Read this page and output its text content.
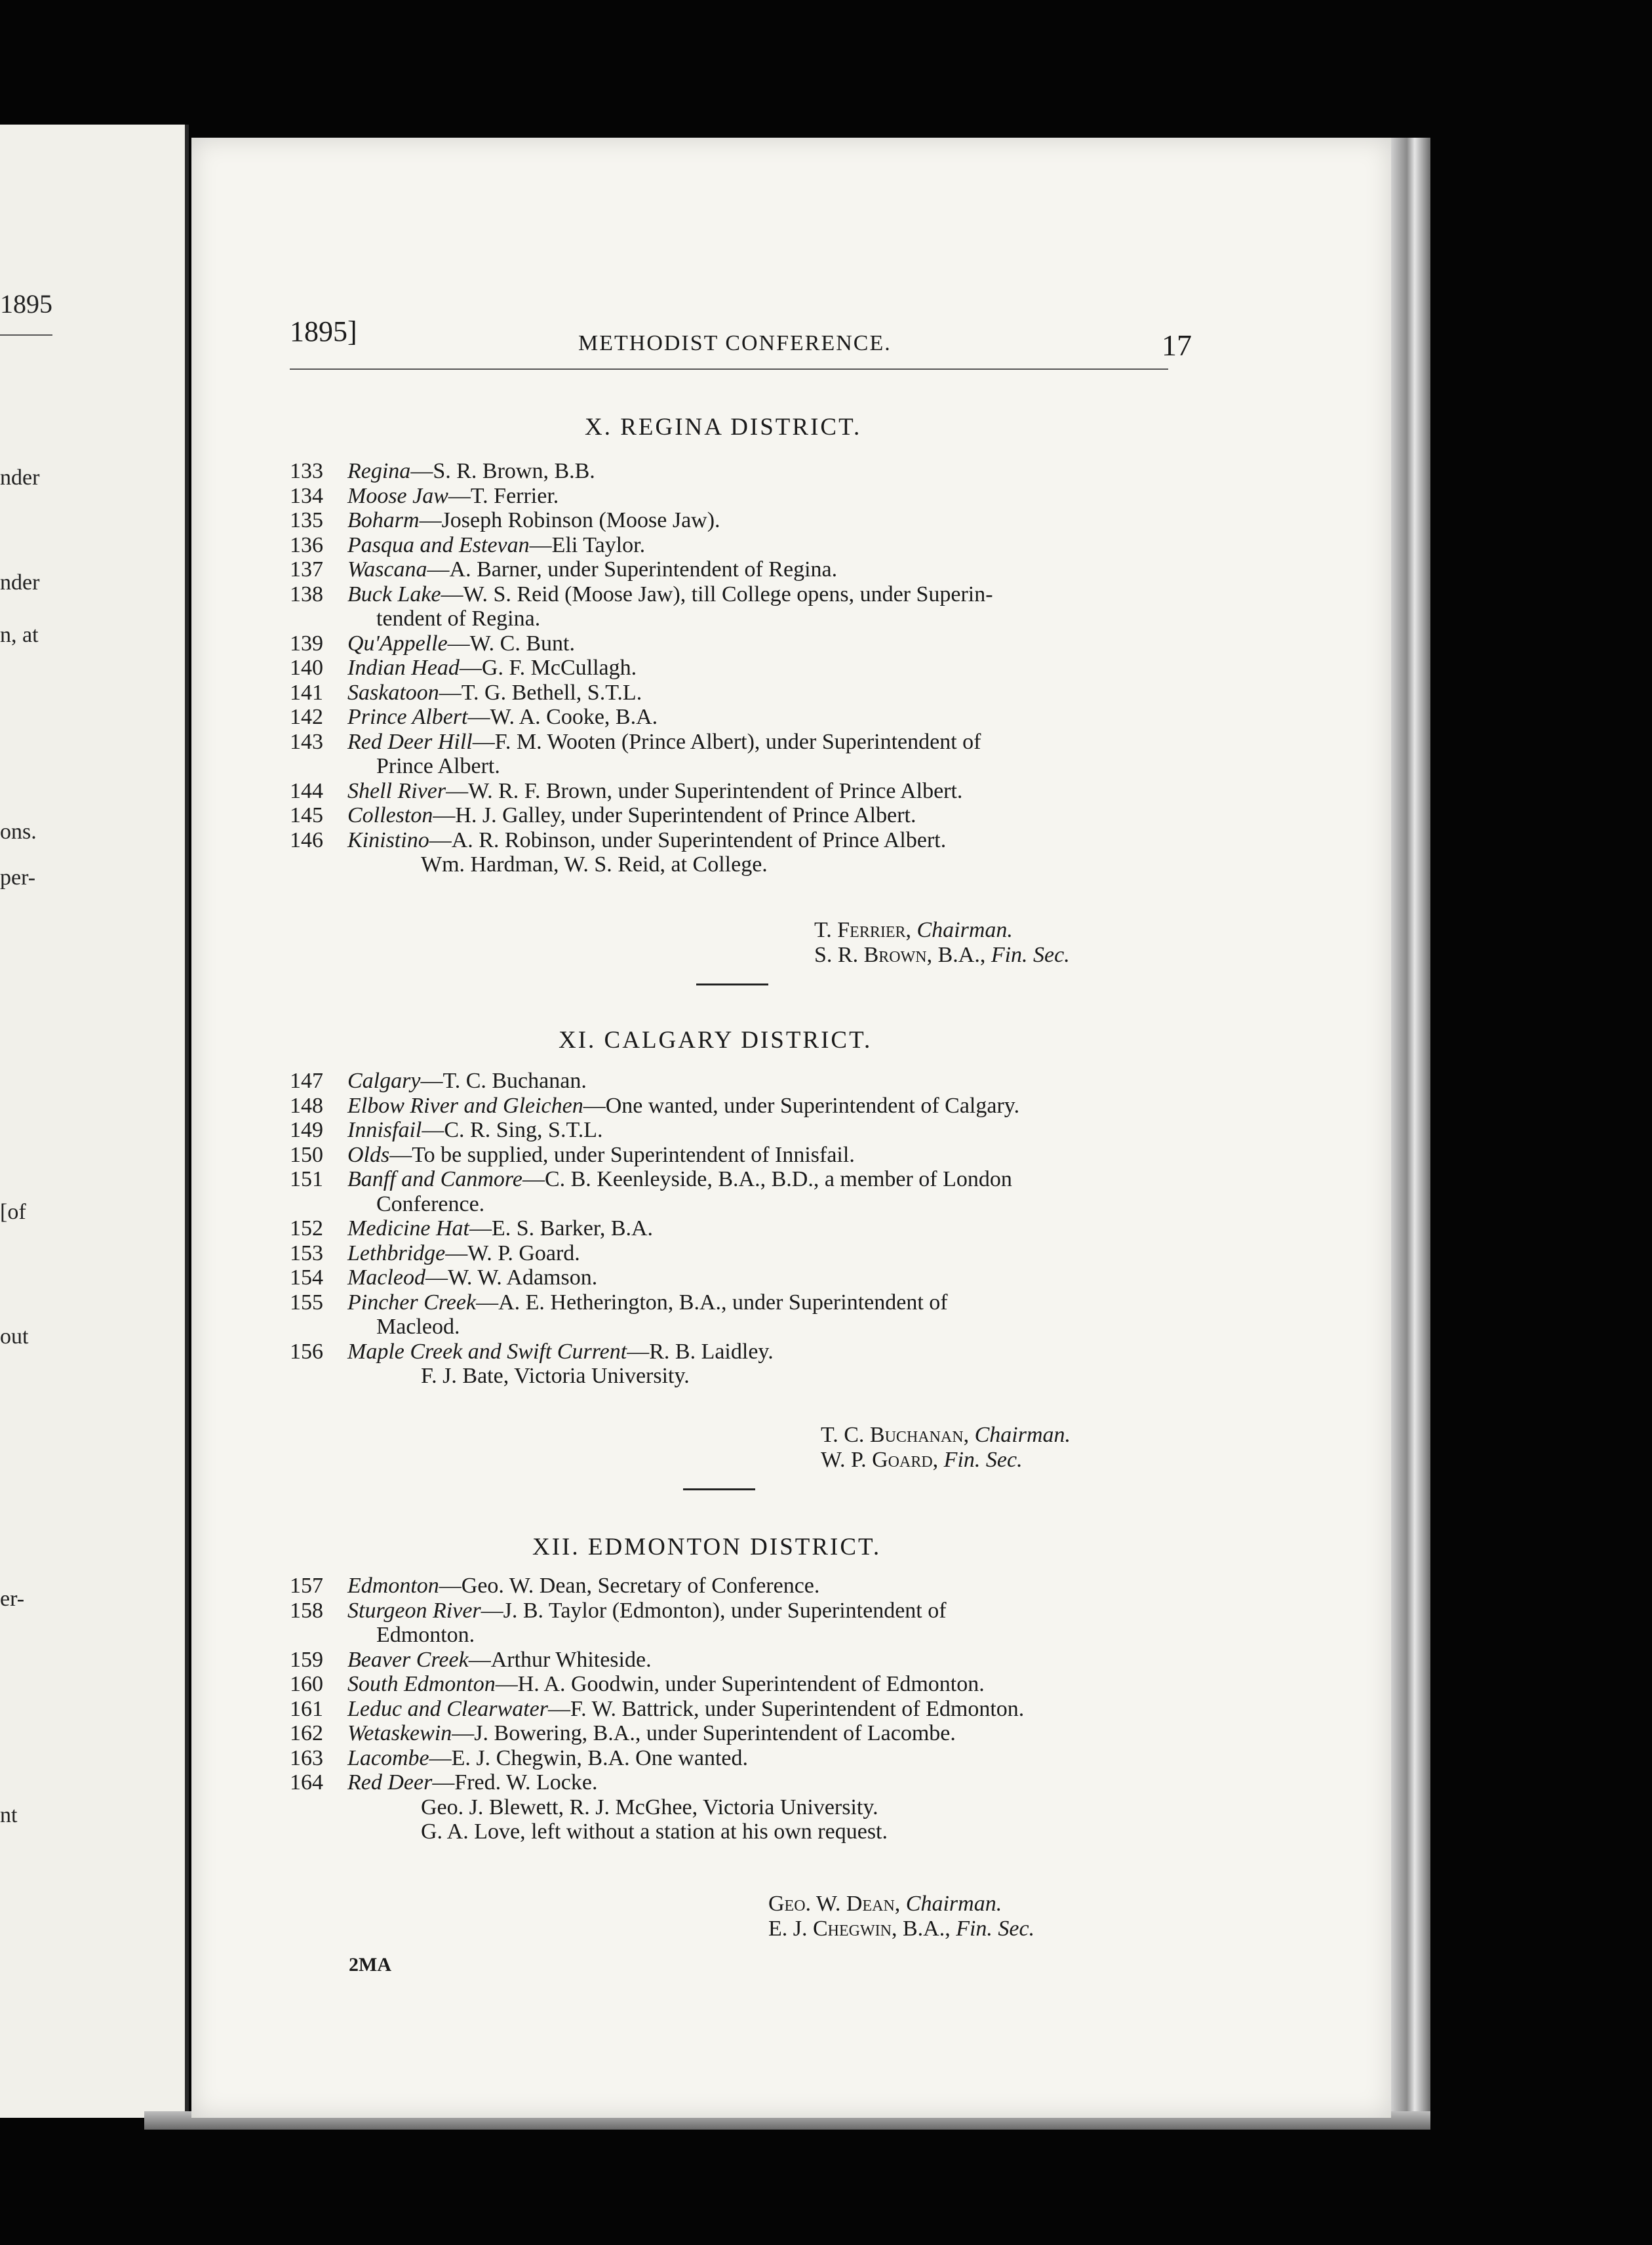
1895
nder
nder
n, at
ons.
per-
[of
out
er-
nt
1895]	METHODIST CONFERENCE.	17
X. REGINA DISTRICT.
133	Regina—S. R. Brown, B.B.
134	Moose Jaw—T. Ferrier.
135	Boharm—Joseph Robinson (Moose Jaw).
136	Pasqua and Estevan—Eli Taylor.
137	Wascana—A. Barner, under Superintendent of Regina.
138	Buck Lake—W. S. Reid (Moose Jaw), till College opens, under Superin-
tendent of Regina.
139	Qu'Appelle—W. C. Bunt.
140	Indian Head—G. F. McCullagh.
141	Saskatoon—T. G. Bethell, S.T.L.
142	Prince Albert—W. A. Cooke, B.A.
143	Red Deer Hill—F. M. Wooten (Prince Albert), under Superintendent of
Prince Albert.
144	Shell River—W. R. F. Brown, under Superintendent of Prince Albert.
145	Colleston—H. J. Galley, under Superintendent of Prince Albert.
146	Kinistino—A. R. Robinson, under Superintendent of Prince Albert.
Wm. Hardman, W. S. Reid, at College.
T. Ferrier, Chairman.
S. R. Brown, B.A., Fin. Sec.
XI. CALGARY DISTRICT.
147	Calgary—T. C. Buchanan.
148	Elbow River and Gleichen—One wanted, under Superintendent of Calgary.
149	Innisfail—C. R. Sing, S.T.L.
150	Olds—To be supplied, under Superintendent of Innisfail.
151	Banff and Canmore—C. B. Keenleyside, B.A., B.D., a member of London
Conference.
152	Medicine Hat—E. S. Barker, B.A.
153	Lethbridge—W. P. Goard.
154	Macleod—W. W. Adamson.
155	Pincher Creek—A. E. Hetherington, B.A., under Superintendent of
Macleod.
156	Maple Creek and Swift Current—R. B. Laidley.
F. J. Bate, Victoria University.
T. C. Buchanan, Chairman.
W. P. Goard, Fin. Sec.
XII. EDMONTON DISTRICT.
157	Edmonton—Geo. W. Dean, Secretary of Conference.
158	Sturgeon River—J. B. Taylor (Edmonton), under Superintendent of
Edmonton.
159	Beaver Creek—Arthur Whiteside.
160	South Edmonton—H. A. Goodwin, under Superintendent of Edmonton.
161	Leduc and Clearwater—F. W. Battrick, under Superintendent of Edmonton.
162	Wetaskewin—J. Bowering, B.A., under Superintendent of Lacombe.
163	Lacombe—E. J. Chegwin, B.A. One wanted.
164	Red Deer—Fred. W. Locke.
Geo. J. Blewett, R. J. McGhee, Victoria University.
G. A. Love, left without a station at his own request.
Geo. W. Dean, Chairman.
E. J. Chegwin, B.A., Fin. Sec.
2MA
